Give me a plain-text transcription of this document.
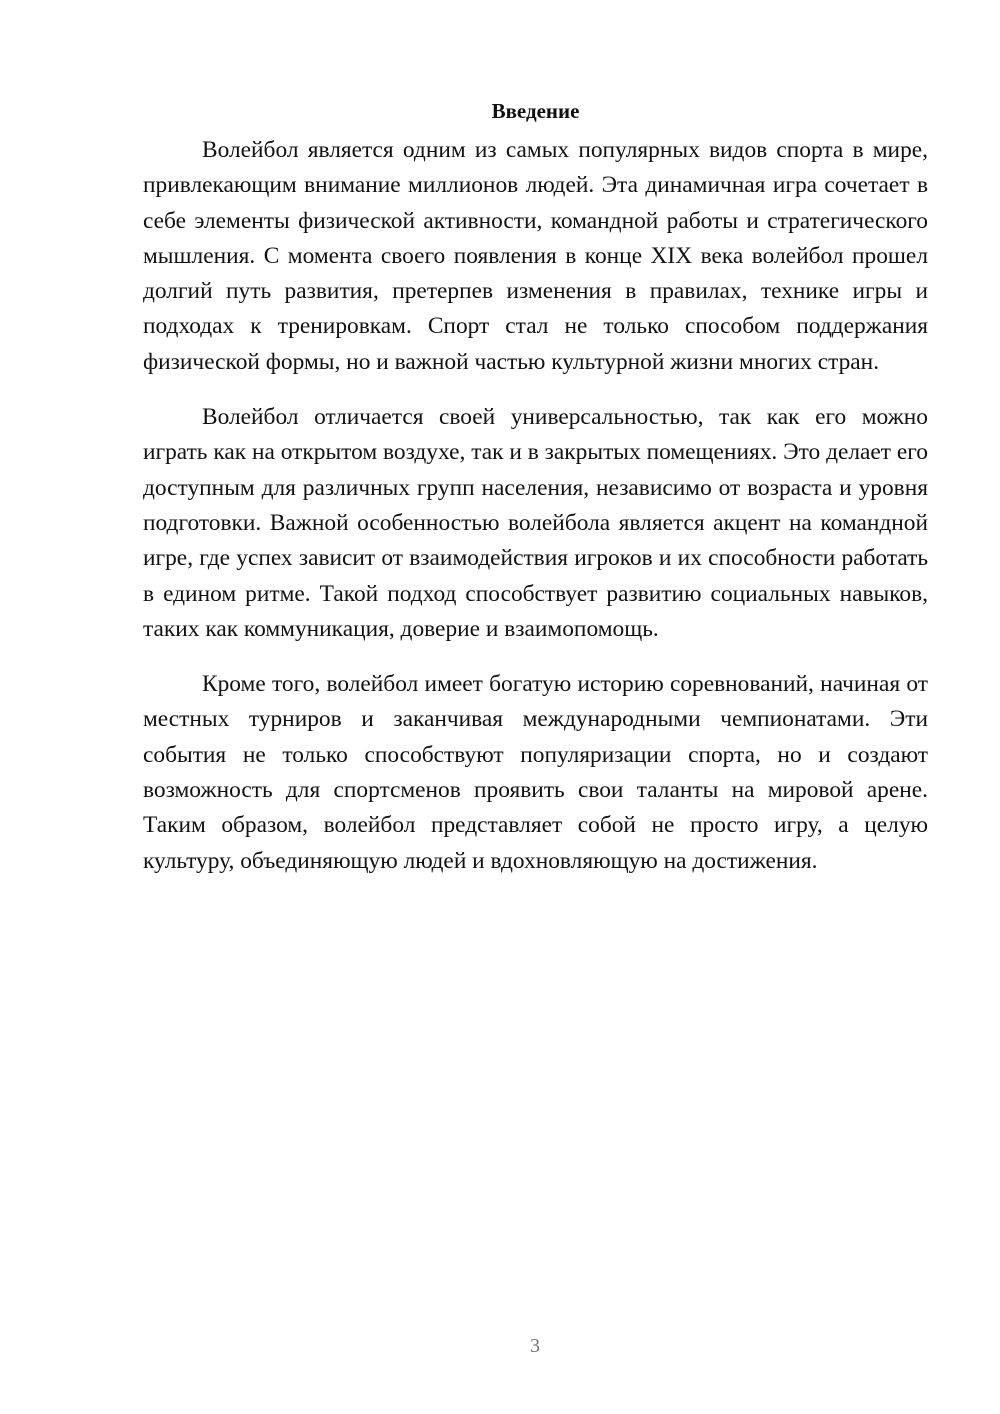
Введение

Волейбол является одним из самых популярных видов спорта в мире, привлекающим внимание миллионов людей. Эта динамичная игра сочетает в себе элементы физической активности, командной работы и стратегического мышления. С момента своего появления в конце XIX века волейбол прошел долгий путь развития, претерпев изменения в правилах, технике игры и подходах к тренировкам. Спорт стал не только способом поддержания физической формы, но и важной частью культурной жизни многих стран.

Волейбол отличается своей универсальностью, так как его можно играть как на открытом воздухе, так и в закрытых помещениях. Это делает его доступным для различных групп населения, независимо от возраста и уровня подготовки. Важной особенностью волейбола является акцент на командной игре, где успех зависит от взаимодействия игроков и их способности работать в едином ритме. Такой подход способствует развитию социальных навыков, таких как коммуникация, доверие и взаимопомощь.

Кроме того, волейбол имеет богатую историю соревнований, начиная от местных турниров и заканчивая международными чемпионатами. Эти события не только способствуют популяризации спорта, но и создают возможность для спортсменов проявить свои таланты на мировой арене. Таким образом, волейбол представляет собой не просто игру, а целую культуру, объединяющую людей и вдохновляющую на достижения.

3
